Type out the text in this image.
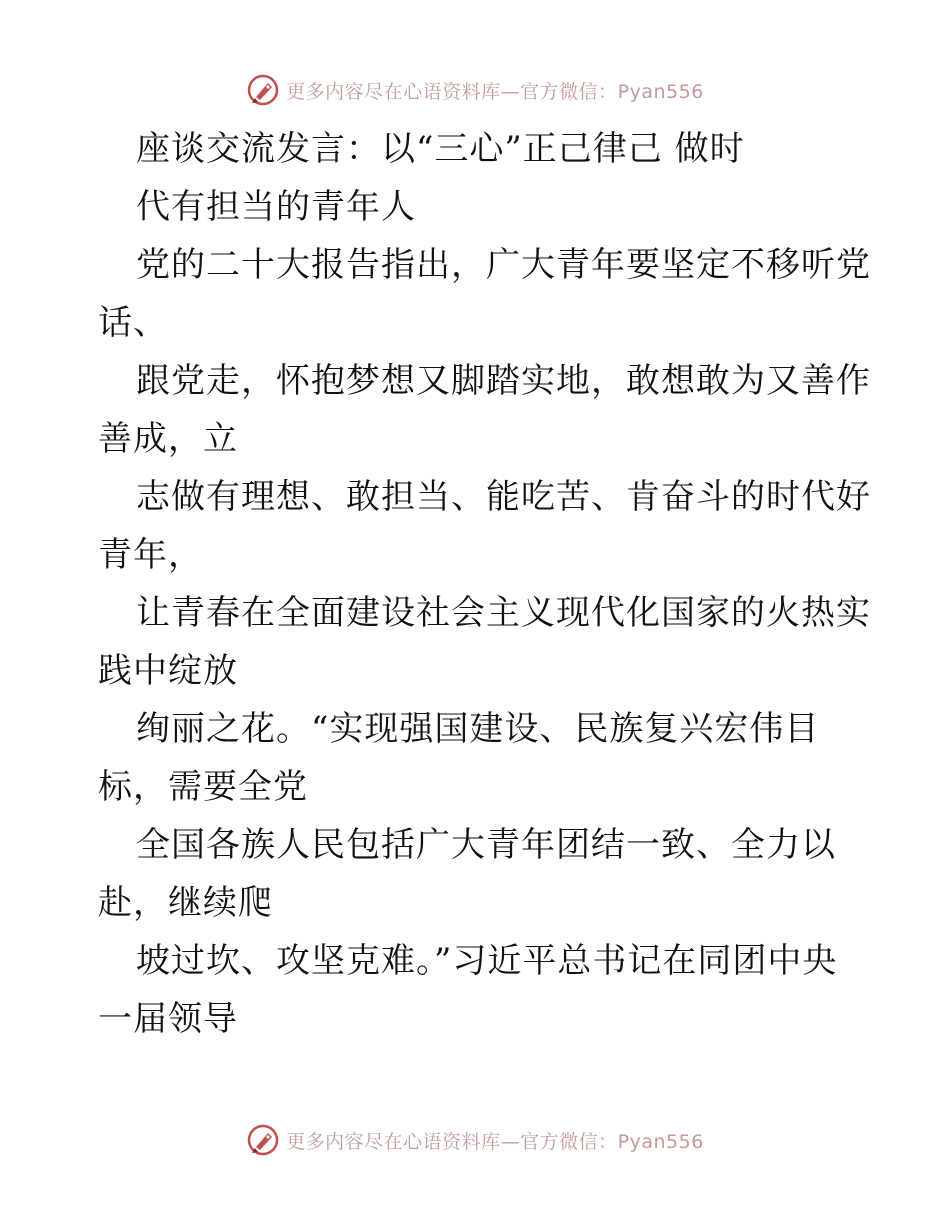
更多内容尽在心语资料库—官方微信：Pyan556
座谈交流发言：以“三心”正己律己 做时
代有担当的青年人
党的二十大报告指出，广大青年要坚定不移听党
话、
跟党走，怀抱梦想又脚踏实地，敢想敢为又善作
善成，立
志做有理想、敢担当、能吃苦、肯奋斗的时代好
青年，
让青春在全面建设社会主义现代化国家的火热实
践中绽放
绚丽之花。“实现强国建设、民族复兴宏伟目
标，需要全党
全国各族人民包括广大青年团结一致、全力以
赴，继续爬
坡过坎、攻坚克难。”习近平总书记在同团中央
一届领导
更多内容尽在心语资料库—官方微信：Pyan556
